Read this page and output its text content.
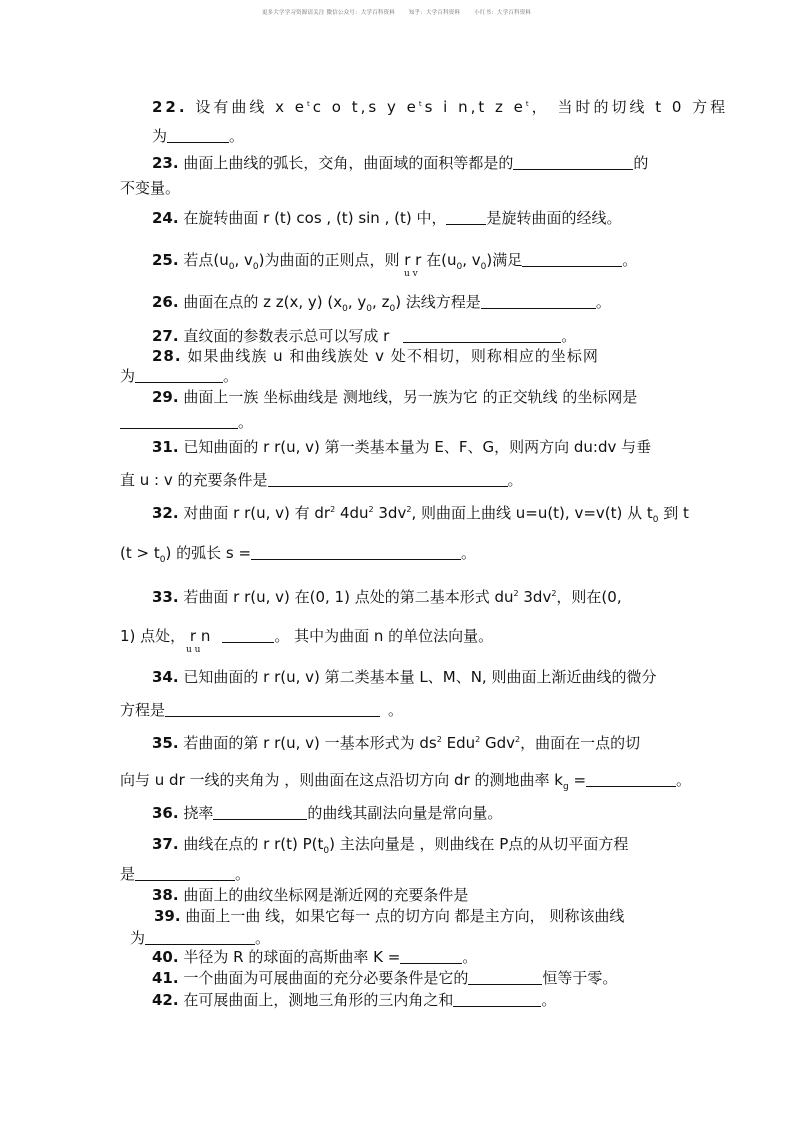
更多大学学习资源请关注 微信公众号：大学百科资料	知乎：大学百科资料	小红书：大学百科资料
22. 设有曲线 x $e^tc$ o t,s y $e^ts$ i n,t z $e^t$， 当时的切线 t 0 方程
为	。
23. 曲面上曲线的弧长，交角，曲面域的面积等都是的	的
不变量。
24. 在旋转曲面 r (t) cos , (t) sin , (t) 中，	是旋转曲面的经线。
25. 若点($u_0$, $v_0$)为曲面的正则点，则 r r 在($u_0$, $v_0$)满足	。
u v
26. 曲面在点的 z z(x, y) ($x_0$, $y_0$, $z_0$) 法线方程是	。
27. 直纹面的参数表示总可以写成 r	。
28. 如果曲线族 u 和曲线族处 v 处不相切，则称相应的坐标网
为	。
29. 曲面上一族 坐标曲线是 测地线，另一族为它 的正交轨线 的坐标网是
。
31. 已知曲面的 r r(u, v) 第一类基本量为 E、F、G，则两方向 du:dv 与垂
直 u : v 的充要条件是	。
32. 对曲面 r r(u, v) 有 $dr^2$ $4du^2$ $3dv^2$, 则曲面上曲线 u=u(t), v=v(t) 从 $t_0$ 到 t
$(t > t_0)$ 的弧长 s =	。
33. 若曲面 r r(u, v) 在(0, 1) 点处的第二基本形式 $du^2$ $3dv^2$，则在(0,
1) 点处， r n	。 其中为曲面 n 的单位法向量。
u u
34. 已知曲面的 r r(u, v) 第二类基本量 L、M、N, 则曲面上渐近曲线的微分
方程是	。
35. 若曲面的第 r r(u, v) 一基本形式为 $ds^2$ Edu$^2$ Gdv$^2$，曲面在一点的切
向与 u dr 一线的夹角为 ，则曲面在这点沿切方向 dr 的测地曲率 $k_g$ =	。
36. 挠率	的曲线其副法向量是常向量。
37. 曲线在点的 r r(t) $P(t_0)$ 主法向量是 ，则曲线在 P点的从切平面方程
是	。
38. 曲面上的曲纹坐标网是渐近网的充要条件是
39. 曲面上一曲 线，如果它每一 点的切方向 都是主方向， 则称该曲线
为	。
40. 半径为 R 的球面的高斯曲率 K =	。
41. 一个曲面为可展曲面的充分必要条件是它的	恒等于零。
42. 在可展曲面上，测地三角形的三内角之和	。
